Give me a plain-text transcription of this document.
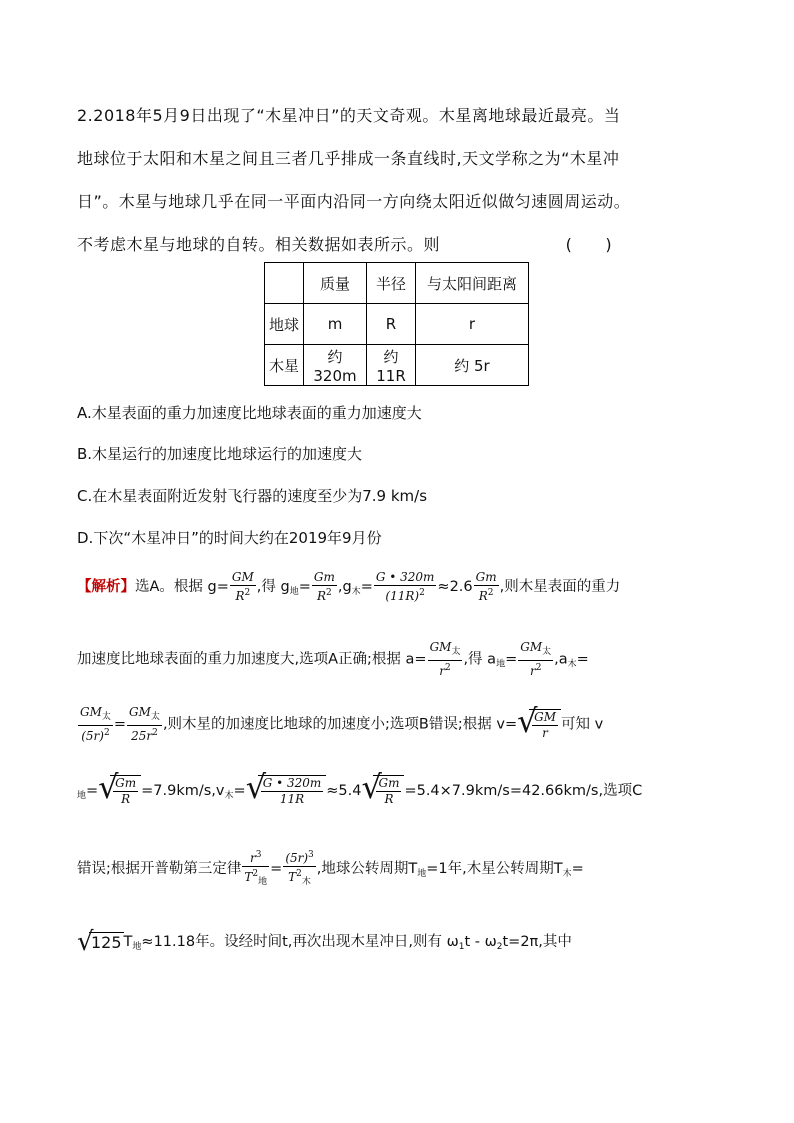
2.2018年5月9日出现了“木星冲日”的天文奇观。木星离地球最近最亮。当
地球位于太阳和木星之间且三者几乎排成一条直线时,天文学称之为“木星冲
日”。木星与地球几乎在同一平面内沿同一方向绕太阳近似做匀速圆周运动。
不考虑木星与地球的自转。相关数据如表所示。则	(　　)
	质量	半径	与太阳间距离
地球	m	R	r
木星	约 320m	约 11R	约 5r
A.木星表面的重力加速度比地球表面的重力加速度大
B.木星运行的加速度比地球运行的加速度大
C.在木星表面附近发射飞行器的速度至少为7.9 km/s
D.下次“木星冲日”的时间大约在2019年9月份
【解析】选A。根据 $g= \frac{GM}{R^2}$ ,得 $g_地= \frac{Gm}{R^2} ,g_木= \frac{G • 320m}{(11R)^2} \approx 2.6 \frac{Gm}{R^2}$ ,则木星表面的重力
加速度比地球表面的重力加速度大,选项A正确;根据 $a= \frac{GM_太}{r^2}$ ,得 $a_地= \frac{GM_太}{r^2} ,a_木=$
$\frac{GM_太}{(5r)^2} = \frac{GM_太}{25r^2}$ ,则木星的加速度比地球的加速度小;选项B错误;根据 v= √
$\frac{GM}{r}$ 可知 v
$_地$= √
$\frac{Gm}{R} =7.9km/s,v_木=$ √
$\frac{G • 320m}{11R} \approx 5.4$ √
$\frac{Gm}{R} =5.4\times 7.9km/s=42.66km/s$,选项C
错误;根据开普勒第三定律 $\frac{r^3}{T^2_地} = \frac{(5r)^3}{T^2_木}$ ,地球公转周期$T_地=1$年,木星公转周期$T_木=$
√
125 $T_地\approx 11.18$年。设经时间t,再次出现木星冲日,则有 $\omega_1t - \omega_2t=2\pi$,其中
